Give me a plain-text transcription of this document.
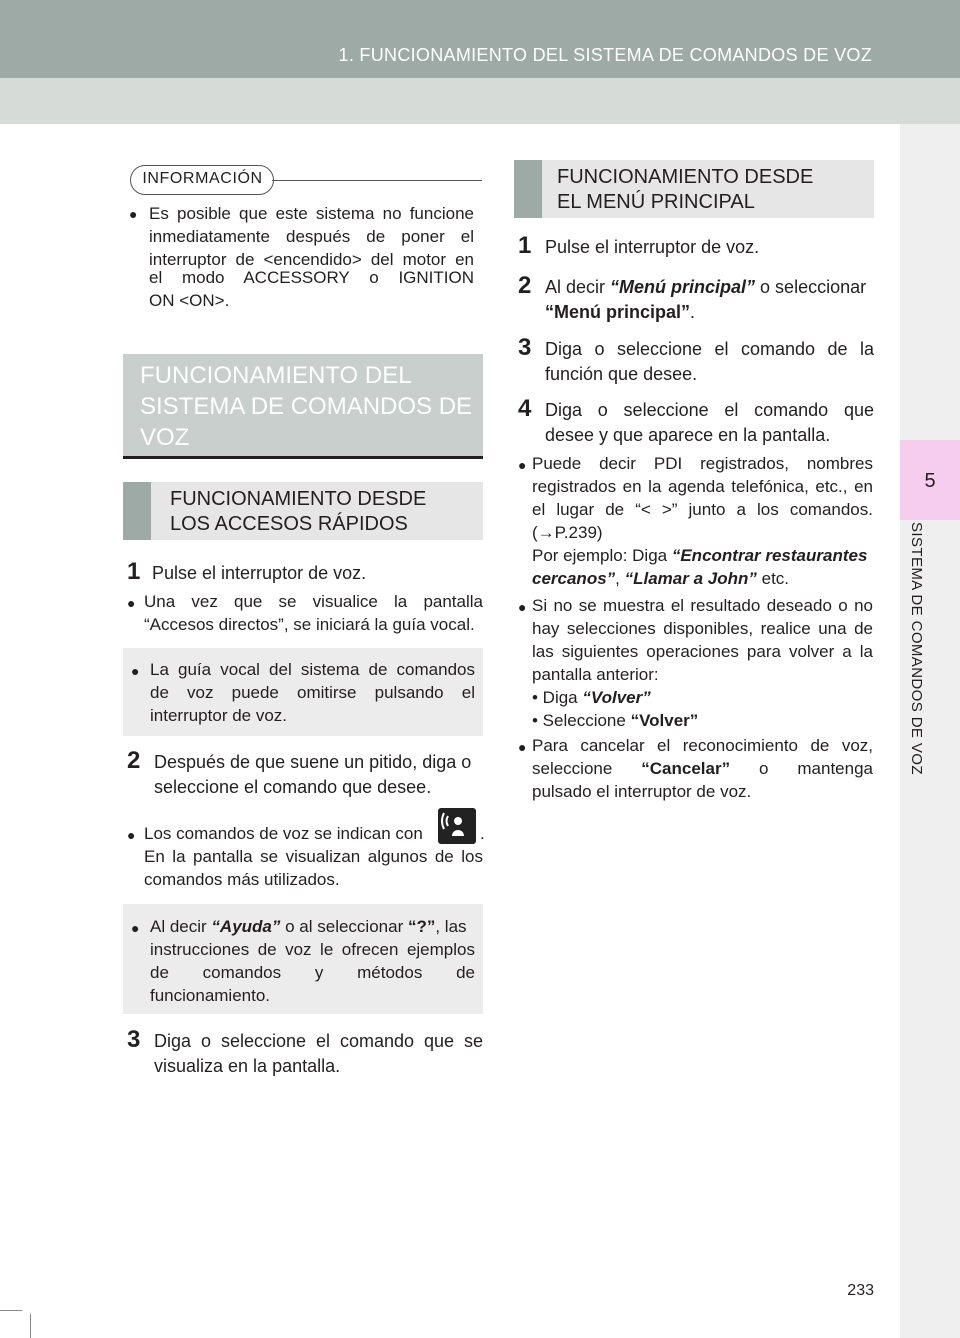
1. FUNCIONAMIENTO DEL SISTEMA DE COMANDOS DE VOZ
5
SISTEMA DE COMANDOS DE VOZ
INFORMACIÓN
● Es posible que este sistema no funcione
inmediatamente después de poner el
interruptor de <encendido> del motor en
el modo ACCESSORY o IGNITION
ON <ON>.
FUNCIONAMIENTO DEL
SISTEMA DE COMANDOS DE
VOZ
FUNCIONAMIENTO DESDE
LOS ACCESOS RÁPIDOS
1 Pulse el interruptor de voz.
● Una vez que se visualice la pantalla
“Accesos directos”, se iniciará la guía vocal.
● La guía vocal del sistema de comandos
de voz puede omitirse pulsando el
interruptor de voz.
2 Después de que suene un pitido, diga o
seleccione el comando que desee.
● Los comandos de voz se indican con	.
En la pantalla se visualizan algunos de los
comandos más utilizados.
● Al decir “Ayuda” o al seleccionar “?”, las
instrucciones de voz le ofrecen ejemplos
de comandos y métodos de
funcionamiento.
3 Diga o seleccione el comando que se
visualiza en la pantalla.
FUNCIONAMIENTO DESDE
EL MENÚ PRINCIPAL
1 Pulse el interruptor de voz.
2 Al decir “Menú principal” o seleccionar
“Menú principal”.
3 Diga o seleccione el comando de la
función que desee.
4 Diga o seleccione el comando que
desee y que aparece en la pantalla.
● Puede decir PDI registrados, nombres
registrados en la agenda telefónica, etc., en
el lugar de “< >” junto a los comandos.
(→P.239)
Por ejemplo: Diga “Encontrar restaurantes
cercanos”, “Llamar a John” etc.
● Si no se muestra el resultado deseado o no
hay selecciones disponibles, realice una de
las siguientes operaciones para volver a la
pantalla anterior:
• Diga “Volver”
• Seleccione “Volver”
● Para cancelar el reconocimiento de voz,
seleccione “Cancelar” o mantenga
pulsado el interruptor de voz.
233
